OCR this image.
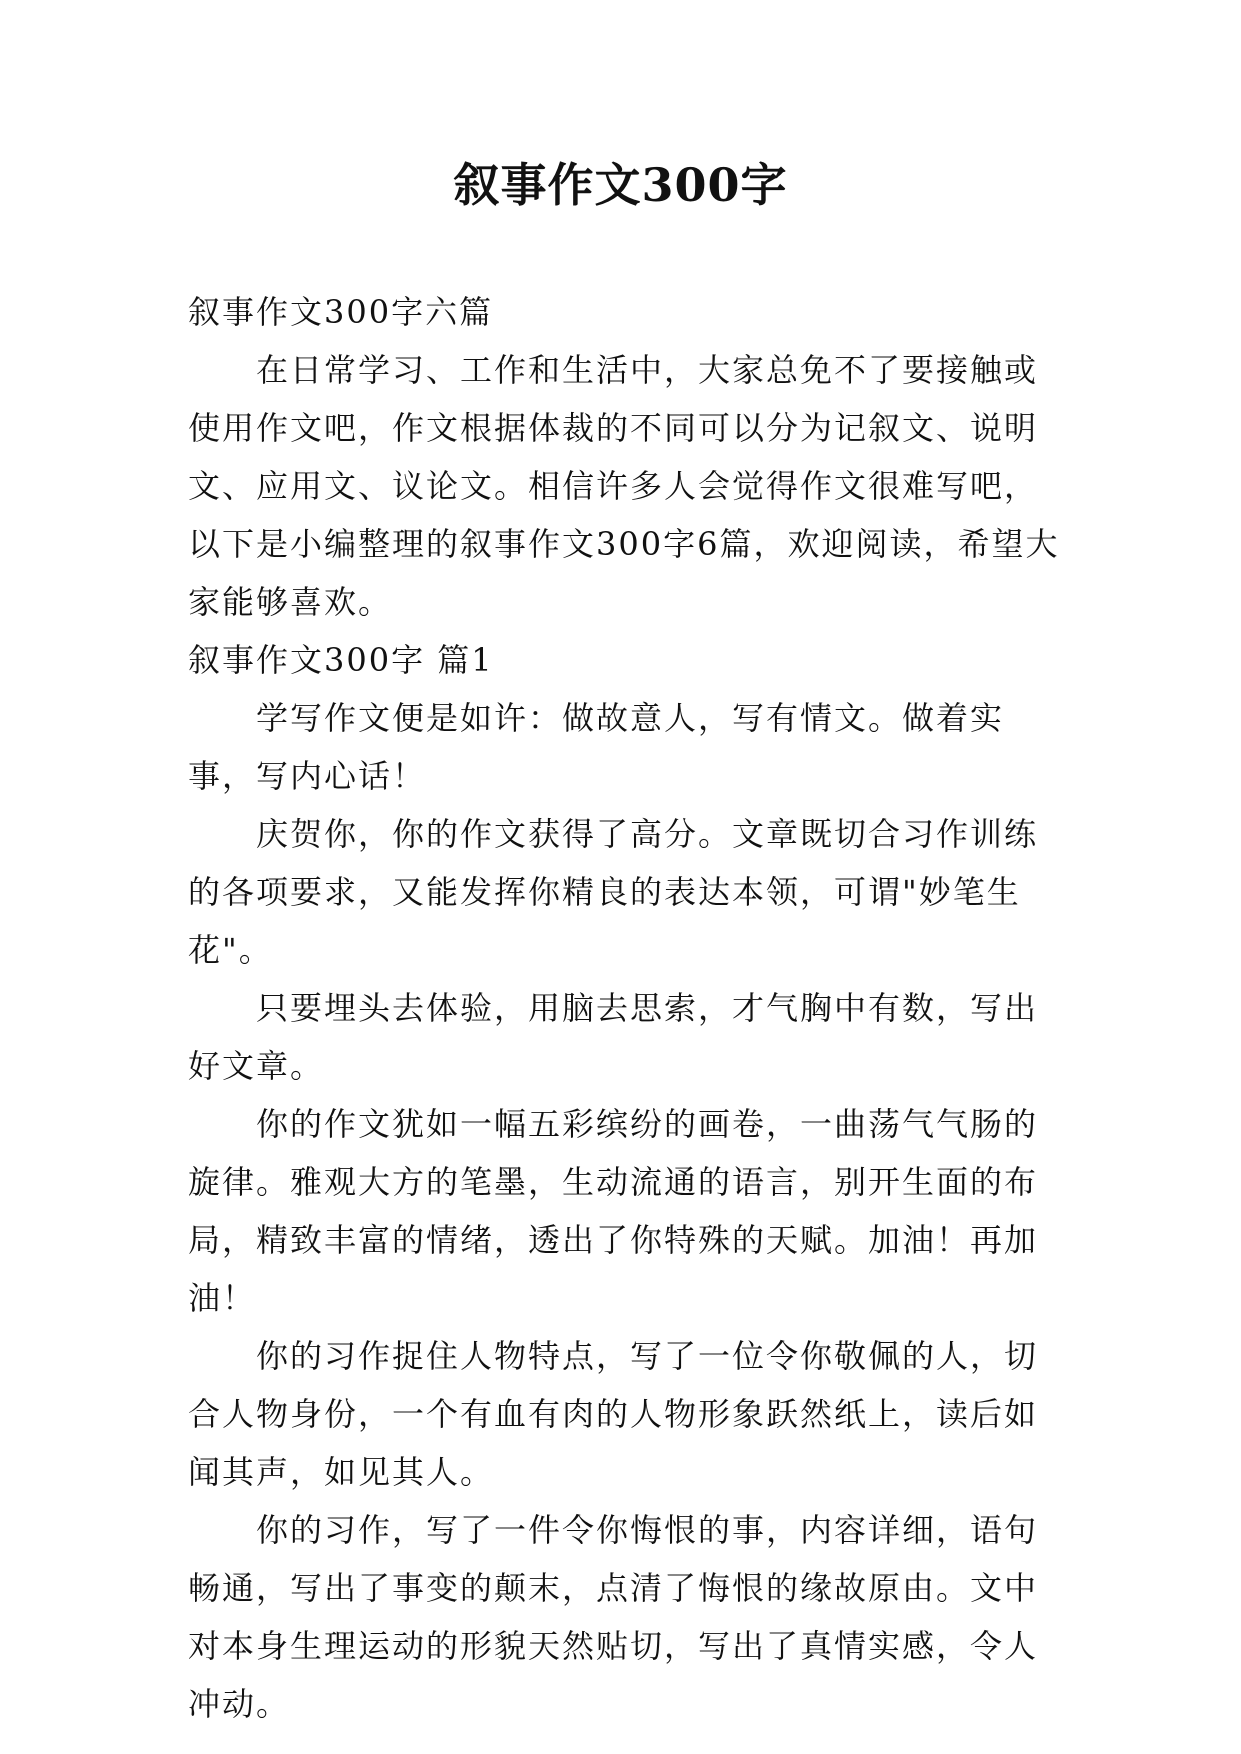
叙事作文300字

叙事作文300字六篇

在日常学习、工作和生活中，大家总免不了要接触或使用作文吧，作文根据体裁的不同可以分为记叙文、说明文、应用文、议论文。相信许多人会觉得作文很难写吧，以下是小编整理的叙事作文300字6篇，欢迎阅读，希望大家能够喜欢。

叙事作文300字 篇1

学写作文便是如许：做故意人，写有情文。做着实事，写内心话！

庆贺你，你的作文获得了高分。文章既切合习作训练的各项要求，又能发挥你精良的表达本领，可谓"妙笔生花"。

只要埋头去体验，用脑去思索，才气胸中有数，写出好文章。

你的作文犹如一幅五彩缤纷的画卷，一曲荡气气肠的旋律。雅观大方的笔墨，生动流通的语言，别开生面的布局，精致丰富的情绪，透出了你特殊的天赋。加油！再加油！

你的习作捉住人物特点，写了一位令你敬佩的人，切合人物身份，一个有血有肉的人物形象跃然纸上，读后如闻其声，如见其人。

你的习作，写了一件令你悔恨的事，内容详细，语句畅通，写出了事变的颠末，点清了悔恨的缘故原由。文中对本身生理运动的形貌天然贴切，写出了真情实感，令人冲动。
